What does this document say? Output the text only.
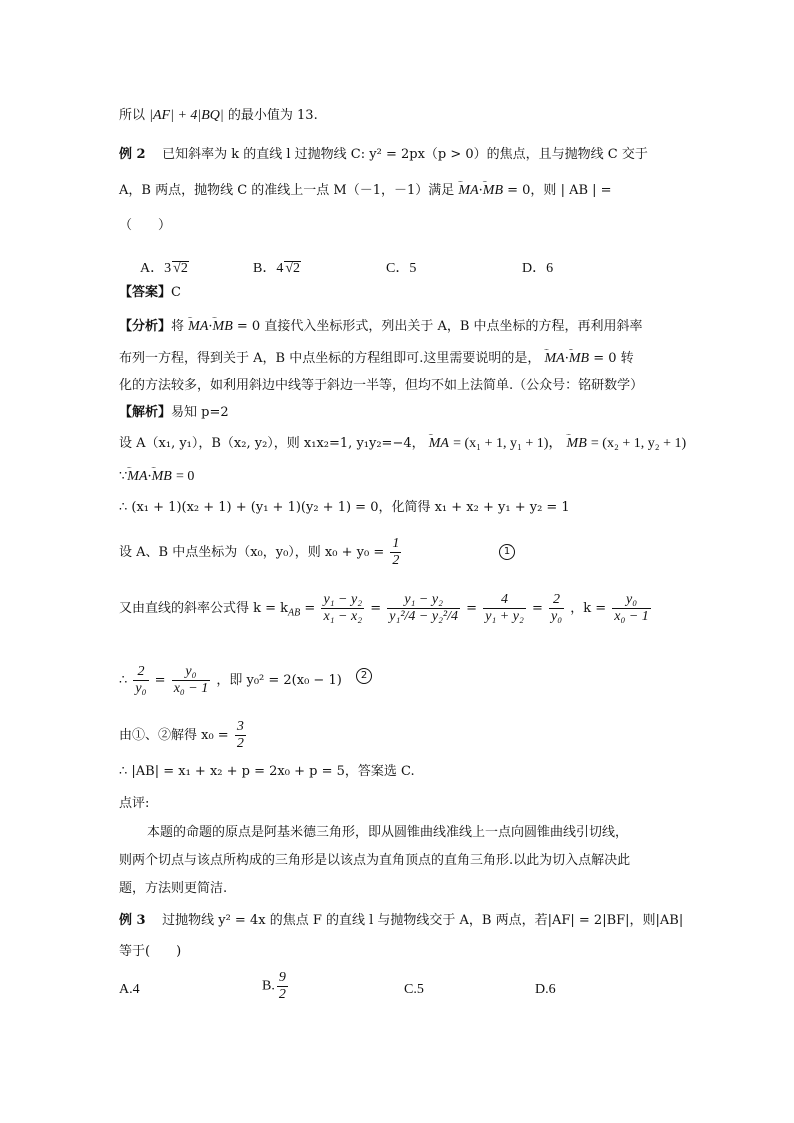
所以 |AF| + 4|BQ| 的最小值为 13.
例 2 已知斜率为 k 的直线 l 过抛物线 C: y² = 2px（p > 0）的焦点，且与抛物线 C 交于
A，B 两点，抛物线 C 的准线上一点 M（－1，－1）满足 ᵕᵕᵕ MA·ᵕᵕᵕ MB = 0，则 | AB | =
（　　）
A．3 √2	B．4 √2	C．5	D．6
【答案】C
【分析】将 ᵕᵕᵕ MA·ᵕᵕᵕ MB = 0 直接代入坐标形式，列出关于 A，B 中点坐标的方程，再利用斜率
布列一方程，得到关于 A，B 中点坐标的方程组即可.这里需要说明的是， ᵕᵕᵕ MA·ᵕᵕᵕ MB = 0 转
化的方法较多，如利用斜边中线等于斜边一半等，但均不如上法简单.（公众号：铭研数学）
【解析】易知 p=2
设 A（x₁, y₁），B（x₂, y₂），则 x₁x₂=1, y₁y₂=−4， ᵕᵕᵕ MA = (x₁ + 1, y₁ + 1)， ᵕᵕᵕ MB = (x₂ + 1, y₂ + 1)
∵ᵕᵕᵕ MA·ᵕᵕᵕ MB = 0
∴ (x₁ + 1)(x₂ + 1) + (y₁ + 1)(y₂ + 1) = 0，化简得 x₁ + x₂ + y₁ + y₂ = 1
设 A、B 中点坐标为（x₀，y₀），则 $x_0 + y_0 = \frac{1}{2}$	1
又由直线的斜率公式得 $k = k_{AB} = \frac{\text{y₁ − y₂}}{\text{x₁ − x₂}} = \frac{\text{y₁ − y₂}}{\text{y₁²/4 − y₂²/4}} = \frac{4}{\text{y₁ + y₂}} = \frac{2}{\text{y₀}}$ ，$k = \frac{\text{y₀}}{\text{x₀ − 1}}$
∴ $\frac{2}{\text{y₀}} = \frac{\text{y₀}}{\text{x₀ − 1}}$ ，即 y₀² = 2(x₀ − 1)	2
由①、②解得 $x_0 = \frac{3}{2}$
∴ |AB| = x₁ + x₂ + p = 2x₀ + p = 5，答案选 C.
点评:
本题的命题的原点是阿基米德三角形，即从圆锥曲线准线上一点向圆锥曲线引切线，
则两个切点与该点所构成的三角形是以该点为直角顶点的直角三角形.以此为切入点解决此
题，方法则更简洁.
例 3 过抛物线 y² = 4x 的焦点 F 的直线 l 与抛物线交于 A，B 两点，若|AF| = 2|BF|，则|AB|
等于(　　)
A.4	B. $\frac{9}{2}$	C.5	D.6
